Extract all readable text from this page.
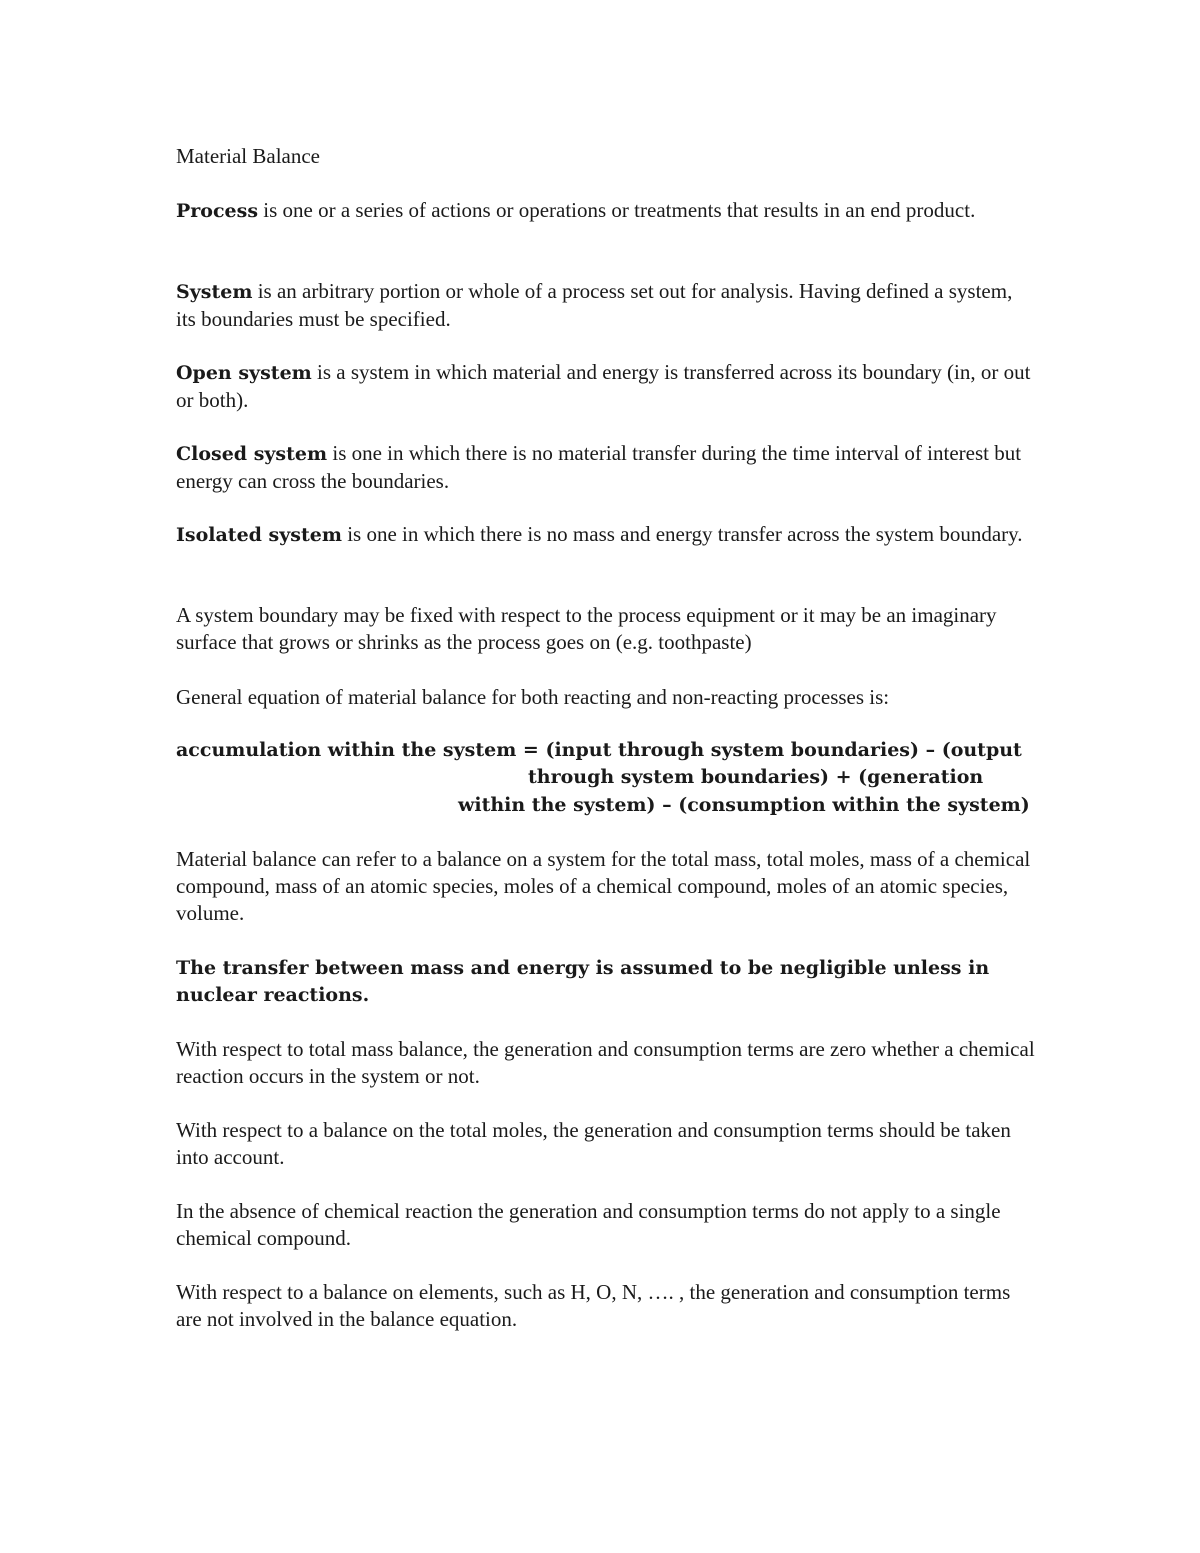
Material Balance

Process is one or a series of actions or operations or treatments that results in an end product.

System is an arbitrary portion or whole of a process set out for analysis. Having defined a system, its boundaries must be specified.

Open system is a system in which material and energy is transferred across its boundary (in, or out or both).

Closed system is one in which there is no material transfer during the time interval of interest but energy can cross the boundaries.

Isolated system is one in which there is no mass and energy transfer across the system boundary.

A system boundary may be fixed with respect to the process equipment or it may be an imaginary surface that grows or shrinks as the process goes on (e.g. toothpaste)

General equation of material balance for both reacting and non-reacting processes is:

accumulation within the system = (input through system boundaries) – (output
through system boundaries) + (generation
within the system) – (consumption within the system)

Material balance can refer to a balance on a system for the total mass, total moles, mass of a chemical compound, mass of an atomic species, moles of a chemical compound, moles of an atomic species, volume.

The transfer between mass and energy is assumed to be negligible unless in nuclear reactions.

With respect to total mass balance, the generation and consumption terms are zero whether a chemical reaction occurs in the system or not.

With respect to a balance on the total moles, the generation and consumption terms should be taken into account.

In the absence of chemical reaction the generation and consumption terms do not apply to a single chemical compound.

With respect to a balance on elements, such as H, O, N, …. , the generation and consumption terms are not involved in the balance equation.
